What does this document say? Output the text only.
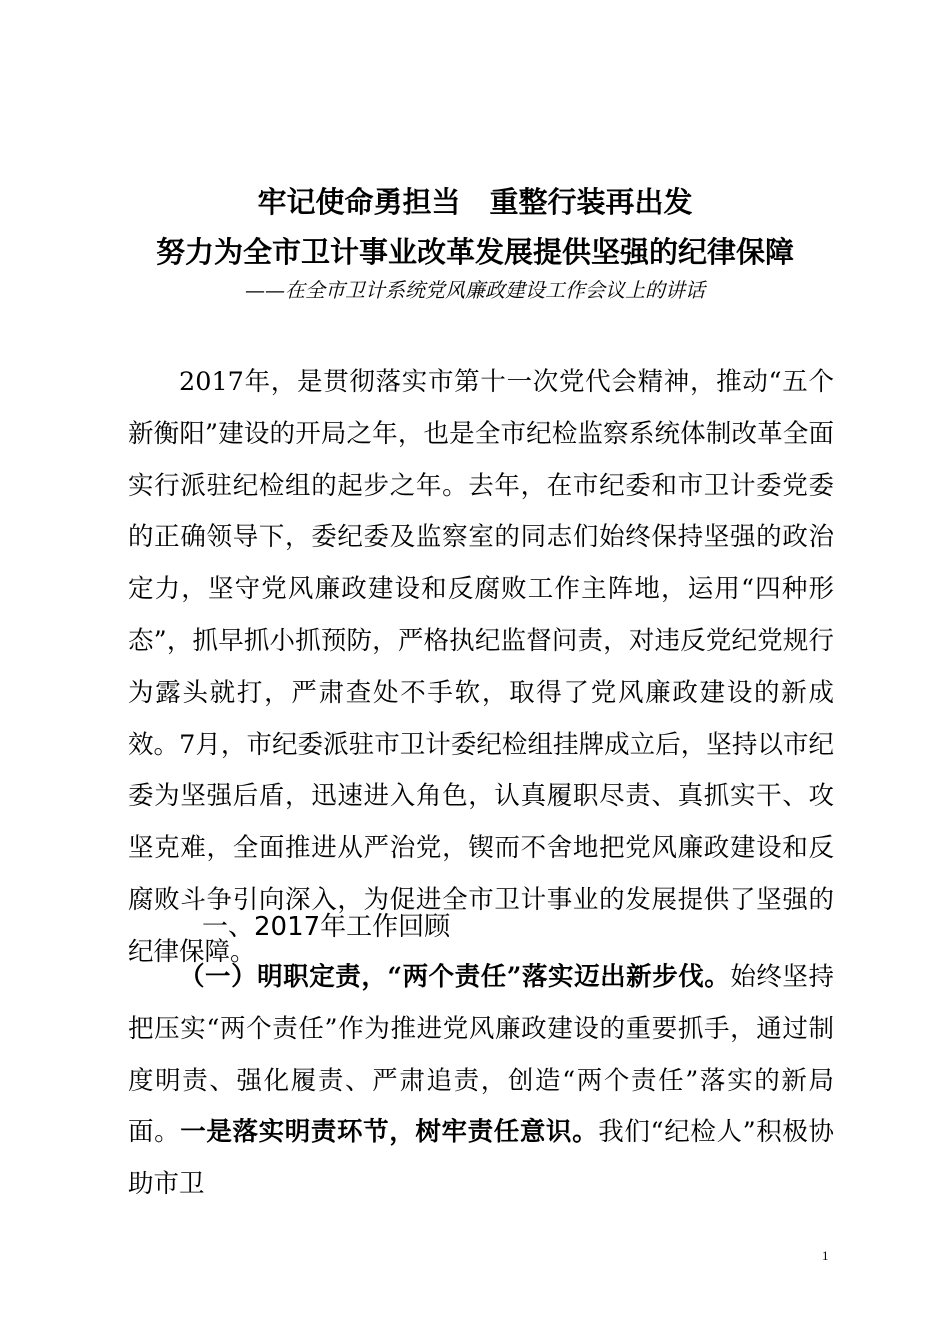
牢记使命勇担当　重整行装再出发
努力为全市卫计事业改革发展提供坚强的纪律保障
——在全市卫计系统党风廉政建设工作会议上的讲话
2017年，是贯彻落实市第十一次党代会精神，推动“五个新衡阳”建设的开局之年，也是全市纪检监察系统体制改革全面实行派驻纪检组的起步之年。去年，在市纪委和市卫计委党委的正确领导下，委纪委及监察室的同志们始终保持坚强的政治定力，坚守党风廉政建设和反腐败工作主阵地，运用“四种形态”，抓早抓小抓预防，严格执纪监督问责，对违反党纪党规行为露头就打，严肃查处不手软，取得了党风廉政建设的新成效。7月，市纪委派驻市卫计委纪检组挂牌成立后，坚持以市纪委为坚强后盾，迅速进入角色，认真履职尽责、真抓实干、攻坚克难，全面推进从严治党，锲而不舍地把党风廉政建设和反腐败斗争引向深入，为促进全市卫计事业的发展提供了坚强的纪律保障。
一、2017年工作回顾
（一）明职定责，“两个责任”落实迈出新步伐。始终坚持把压实“两个责任”作为推进党风廉政建设的重要抓手，通过制度明责、强化履责、严肃追责，创造“两个责任”落实的新局面。一是落实明责环节，树牢责任意识。我们“纪检人”积极协助市卫
1
